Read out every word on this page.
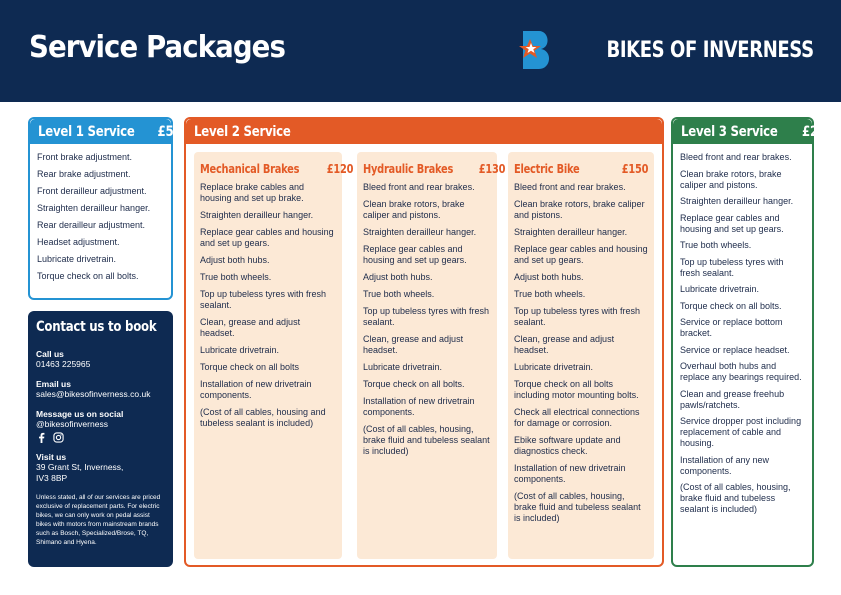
Service Packages	BIKES OF INVERNESS
Level 1 Service £50
Front brake adjustment.
Rear brake adjustment.
Front derailleur adjustment.
Straighten derailleur hanger.
Rear derailleur adjustment.
Headset adjustment.
Lubricate drivetrain.
Torque check on all bolts.
Contact us to book
Call us
01463 225965
Email us
sales@bikesofinverness.co.uk
Message us on social
@bikesofinverness
Visit us
39 Grant St, Inverness,
IV3 8BP
Unless stated, all of our services are priced exclusive of replacement parts. For electric bikes, we can only work on pedal assist bikes with motors from mainstream brands such as Bosch, Specialized/Brose, TQ, Shimano and Hyena.
Level 2 Service
Mechanical Brakes £120
Replace brake cables and housing and set up brake.
Straighten derailleur hanger.
Replace gear cables and housing and set up gears.
Adjust both hubs.
True both wheels.
Top up tubeless tyres with fresh sealant.
Clean, grease and adjust headset.
Lubricate drivetrain.
Torque check on all bolts
Installation of new drivetrain components.
(Cost of all cables, housing and tubeless sealant is included)
Hydraulic Brakes £130
Bleed front and rear brakes.
Clean brake rotors, brake caliper and pistons.
Straighten derailleur hanger.
Replace gear cables and housing and set up gears.
Adjust both hubs.
True both wheels.
Top up tubeless tyres with fresh sealant.
Clean, grease and adjust headset.
Lubricate drivetrain.
Torque check on all bolts.
Installation of new drivetrain components.
(Cost of all cables, housing, brake fluid and tubeless sealant is included)
Electric Bike	£150
Bleed front and rear brakes.
Clean brake rotors, brake caliper and pistons.
Straighten derailleur hanger.
Replace gear cables and housing and set up gears.
Adjust both hubs.
True both wheels.
Top up tubeless tyres with fresh sealant.
Clean, grease and adjust headset.
Lubricate drivetrain.
Torque check on all bolts including motor mounting bolts.
Check all electrical connections for damage or corrosion.
Ebike software update and diagnostics check.
Installation of new drivetrain components.
(Cost of all cables, housing, brake fluid and tubeless sealant is included)
Level 3 Service £240
Bleed front and rear brakes.
Clean brake rotors, brake caliper and pistons.
Straighten derailleur hanger.
Replace gear cables and housing and set up gears.
True both wheels.
Top up tubeless tyres with fresh sealant.
Lubricate drivetrain.
Torque check on all bolts.
Service or replace bottom bracket.
Service or replace headset.
Overhaul both hubs and replace any bearings required.
Clean and grease freehub pawls/ratchets.
Service dropper post including replacement of cable and housing.
Installation of any new components.
(Cost of all cables, housing, brake fluid and tubeless sealant is included)
